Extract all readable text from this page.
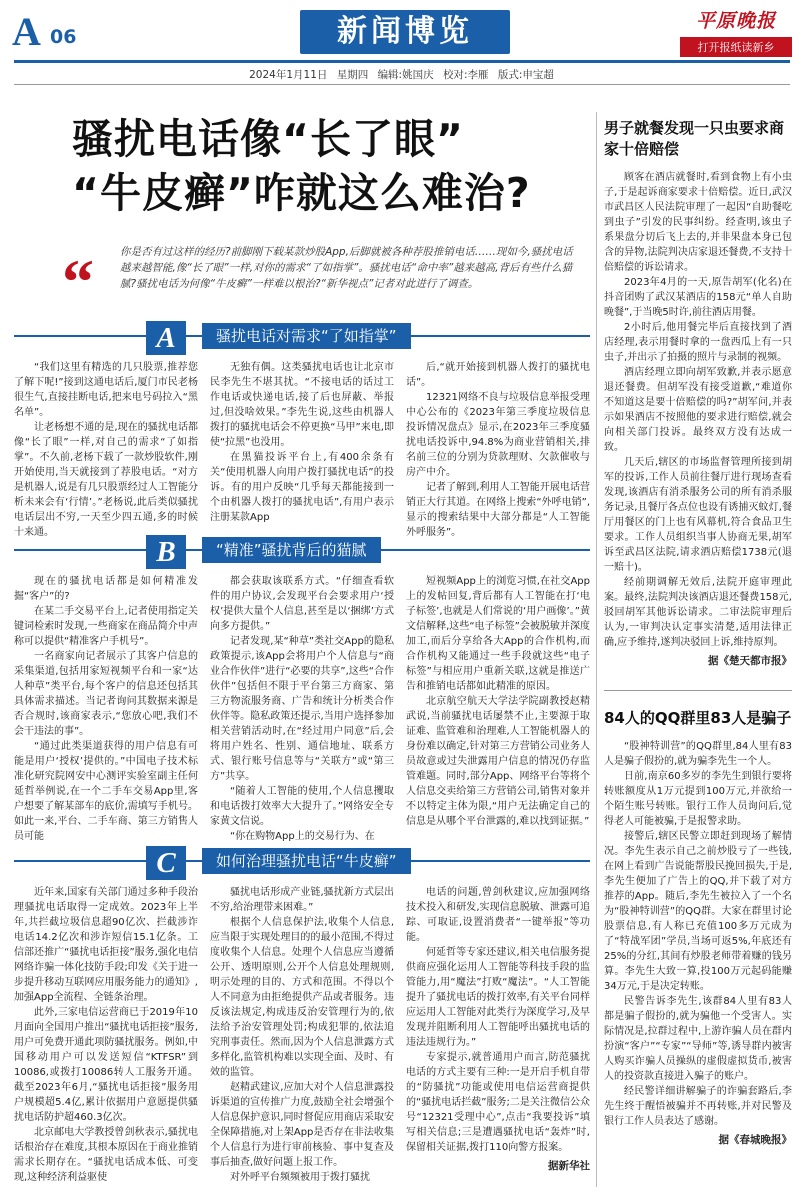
A 06	新闻博览	平原晚报
打开报纸读新乡
2024年1月11日 星期四 编辑:姚国庆 校对:李雁 版式:申宝超
骚扰电话像“长了眼”
“牛皮癣”咋就这么难治?
“ 你是否有过这样的经历?前脚刚下载某款炒股App,后脚就被各种荐股推销电话……现如今,骚扰电话越来越智能,像“长了眼”一样,对你的需求“了如指掌”。骚扰电话“命中率”越来越高,背后有些什么猫腻?骚扰电话为何像“牛皮癣”一样难以根治?“新华视点”记者对此进行了调查。
A	骚扰电话对需求“了如指掌”

“我们这里有精选的几只股票,推荐您了解下呢!”接到这通电话后,厦门市民老杨很生气,直接挂断电话,把来电号码拉入“黑名单”。

让老杨想不通的是,现在的骚扰电话都像“长了眼”一样,对自己的需求“了如指掌”。不久前,老杨下载了一款炒股软件,刚开始使用,当天就接到了荐股电话。“对方是机器人,说是有几只股票经过人工智能分析未来会有‘行情’。”老杨说,此后类似骚扰电话层出不穷,一天至少四五通,多的时候十来通。

无独有偶。这类骚扰电话也让北京市民李先生不堪其扰。“不接电话的话过工作电话或快递电话,接了后也屏蔽、举报过,但没啥效果。”李先生说,这些由机器人拨打的骚扰电话会不停更换“马甲”来电,即使“拉黑”也没用。

在黑猫投诉平台上,有400余条有关“使用机器人向用户拨打骚扰电话”的投诉。有的用户反映“几乎每天都能接到一个由机器人拨打的骚扰电话”,有用户表示注册某款App

后,“就开始接到机器人拨打的骚扰电话”。

12321网络不良与垃圾信息举报受理中心公布的《2023年第三季度垃圾信息投诉情况盘点》显示,在2023年三季度骚扰电话投诉中,94.8%为商业营销相关,排名前三位的分别为贷款理财、欠款催收与房产中介。

记者了解到,利用人工智能开展电话营销正大行其道。在网络上搜索“外呼电销”,显示的搜索结果中大部分都是“人工智能外呼服务”。

B	“精准”骚扰背后的猫腻

现在的骚扰电话都是如何精准发掘“客户”的?

在某二手交易平台上,记者使用指定关键词检索时发现,一些商家在商品简介中声称可以提供“精准客户手机号”。

一名商家向记者展示了其客户信息的采集渠道,包括用家短视频平台和一家“达人种草”类平台,每个客户的信息还包括其具体需求描述。当记者询问其数据来源是否合规时,该商家表示,“您放心吧,我们不会干违法的事”。

“通过此类渠道获得的用户信息有可能是用户‘授权’提供的。”中国电子技术标准化研究院网安中心测评实验室副主任何延哲举例说,在一个二手车交易App里,客户想要了解某部车的底价,需填写手机号。如此一来,平台、二手车商、第三方销售人员可能

都会获取该联系方式。“仔细查看软件的用户协议,会发现平台会要求用户‘授权’提供大量个人信息,甚至是以‘捆绑’方式向多方提供。”

记者发现,某“种草”类社交App的隐私政策提示,该App会将用户个人信息与“商业合作伙伴”进行“必要的共享”,这些“合作伙伴”包括但不限于平台第三方商家、第三方物流服务商、广告和统计分析类合作伙伴等。隐私政策还提示,当用户选择参加相关营销活动时,在“经过用户同意”后,会将用户姓名、性别、通信地址、联系方式、银行账号信息等与“关联方”或“第三方”共享。

“随着人工智能的使用,个人信息攫取和电话拨打效率大大提升了。”网络安全专家黄文信说。

“你在购物App上的交易行为、在

短视频App上的浏览习惯,在社交App上的发帖回复,背后都有人工智能在打‘电子标签’,也就是人们常说的‘用户画像’。”黄文信解释,这些“电子标签”会被脱敏并深度加工,而后分享给各大App的合作机构,而合作机构又能通过一些手段就这些“电子标签”与相应用户重新关联,这就是推送广告和推销电话都如此精准的原因。

北京航空航天大学法学院副教授赵精武说,当前骚扰电话屡禁不止,主要源于取证难、监管难和治理难,人工智能机器人的身份难以确定,针对第三方营销公司业务人员故意或过失泄露用户信息的情况仍存监管难题。同时,部分App、网络平台等将个人信息交卖给第三方营销公司,销售对象并不以特定主体为限,“用户无法确定自己的信息是从哪个平台泄露的,难以找到证据。”

C	如何治理骚扰电话“牛皮癣”

近年来,国家有关部门通过多种手段治理骚扰电话取得一定成效。2023年上半年,共拦截垃圾信息超90亿次、拦截涉诈电话14.2亿次和涉诈短信15.1亿条。工信部还推广“骚扰电话拒接”服务,强化电信网络诈骗一体化技防手段;印发《关于进一步提升移动互联网应用服务能力的通知》,加强App全流程、全链条治理。

此外,三家电信运营商已于2019年10月面向全国用户推出“骚扰电话拒接”服务,用户可免费开通此项防骚扰服务。例如,中国移动用户可以发送短信“KTFSR”到10086,或拨打10086转人工服务开通。截至2023年6月,“骚扰电话拒接”服务用户规模超5.4亿,累计依据用户意愿提供骚扰电话防护超460.3亿次。

北京邮电大学教授曾剑秋表示,骚扰电话根治存在难度,其根本原因在于商业推销需求长期存在。“骚扰电话成本低、可变现,这种经济利益驱使

骚扰电话形成产业链,骚扰新方式层出不穷,给治理带来困难。”

根据个人信息保护法,收集个人信息,应当限于实现处理目的的最小范围,不得过度收集个人信息。处理个人信息应当遵循公开、透明原则,公开个人信息处理规则,明示处理的目的、方式和范围。不得以个人不同意为由拒绝提供产品或者服务。违反该法规定,构成违反治安管理行为的,依法给予治安管理处罚;构成犯罪的,依法追究刑事责任。然而,因为个人信息泄露方式多样化,监管机构难以实现全面、及时、有效的监管。

赵精武建议,应加大对个人信息泄露投诉渠道的宣传推广力度,鼓励全社会增强个人信息保护意识,同时督促应用商店采取安全保障措施,对上架App是否存在非法收集个人信息行为进行审前核验、事中复查及事后抽查,做好问题上报工作。

对外呼平台频频被用于拨打骚扰

电话的问题,曾剑秋建议,应加强网络技术投入和研发,实现信息脱敏、泄露可追踪、可取证,设置消费者“一键举报”等功能。

何延哲等专家还建议,相关电信服务提供商应强化运用人工智能等科技手段的监管能力,用“魔法”打败“魔法”。“人工智能提升了骚扰电话的拨打效率,有关平台同样应运用人工智能对此类行为深度学习,及早发现并阻断利用人工智能呼出骚扰电话的违法违规行为。”

专家提示,就普通用户而言,防范骚扰电话的方式主要有三种:一是开启手机自带的“防骚扰”功能或使用电信运营商提供的“骚扰电话拦截”服务;二是关注微信公众号“12321受理中心”,点击“我要投诉”填写相关信息;三是遭遇骚扰电话“轰炸”时,保留相关证据,拨打110向警方报案。

据新华社
男子就餐发现一只虫要求商家十倍赔偿

顾客在酒店就餐时,看到食物上有小虫子,于是起诉商家要求十倍赔偿。近日,武汉市武昌区人民法院审理了一起因“自助餐吃到虫子”引发的民事纠纷。经查明,该虫子系果盘分切后飞上去的,并非果盘本身已包含的异物,法院判决店家退还餐费,不支持十倍赔偿的诉讼请求。

2023年4月的一天,原告胡军(化名)在抖音团购了武汉某酒店的158元“单人自助晚餐”,于当晚5时许,前往酒店用餐。

2小时后,他用餐完毕后直接找到了酒店经理,表示用餐时拿的一盘西瓜上有一只虫子,并出示了拍摄的照片与录制的视频。

酒店经理立即向胡军致歉,并表示愿意退还餐费。但胡军没有接受道歉,“难道你不知道这是要十倍赔偿的吗?”胡军问,并表示如果酒店不按照他的要求进行赔偿,就会向相关部门投诉。最终双方没有达成一致。

几天后,辖区的市场监督管理所接到胡军的投诉,工作人员前往餐厅进行现场查看发现,该酒店有消杀服务公司的所有消杀服务记录,且餐厅各点位也设有诱捕灭蚊灯,餐厅用餐区的门上也有风幕机,符合食品卫生要求。工作人员组织当事人协商无果,胡军诉至武昌区法院,请求酒店赔偿1738元(退一赔十)。

经前期调解无效后,法院开庭审理此案。最终,法院判决该酒店退还餐费158元,驳回胡军其他诉讼请求。二审法院审理后认为,一审判决认定事实清楚,适用法律正确,应予维持,遂判决驳回上诉,维持原判。

据《楚天都市报》
84人的QQ群里83人是骗子

“股神特训营”的QQ群里,84人里有83人是骗子假扮的,就为骗李先生一个人。

日前,南京60多岁的李先生到银行要将转账额度从1万元提到100万元,并欲给一个陌生账号转账。银行工作人员询问后,觉得老人可能被骗,于是报警求助。

接警后,辖区民警立即赶到现场了解情况。李先生表示自己之前炒股亏了一些钱,在网上看到广告说能帮股民挽回损失,于是,李先生便加了广告上的QQ,并下载了对方推荐的App。随后,李先生被拉入了一个名为“股神特训营”的QQ群。大家在群里讨论股票信息,有人称已充值100多万元成为了“特战军团”学员,当场可返5%,年底还有25%的分红,其间有炒股老师带着赚的钱另算。李先生大致一算,投100万元起码能赚34万元,于是决定转账。

民警告诉李先生,该群84人里有83人都是骗子假扮的,就为骗他一个受害人。实际情况是,拉群过程中,上游诈骗人员在群内扮演“客户”“专家”“导师”等,诱导群内被害人购买诈骗人员操纵的虚假虚拟货币,被害人的投资款直接进入骗子的账户。

经民警详细讲解骗子的诈骗套路后,李先生终于醒悟被骗并不再转账,并对民警及银行工作人员表达了感谢。

据《春城晚报》
